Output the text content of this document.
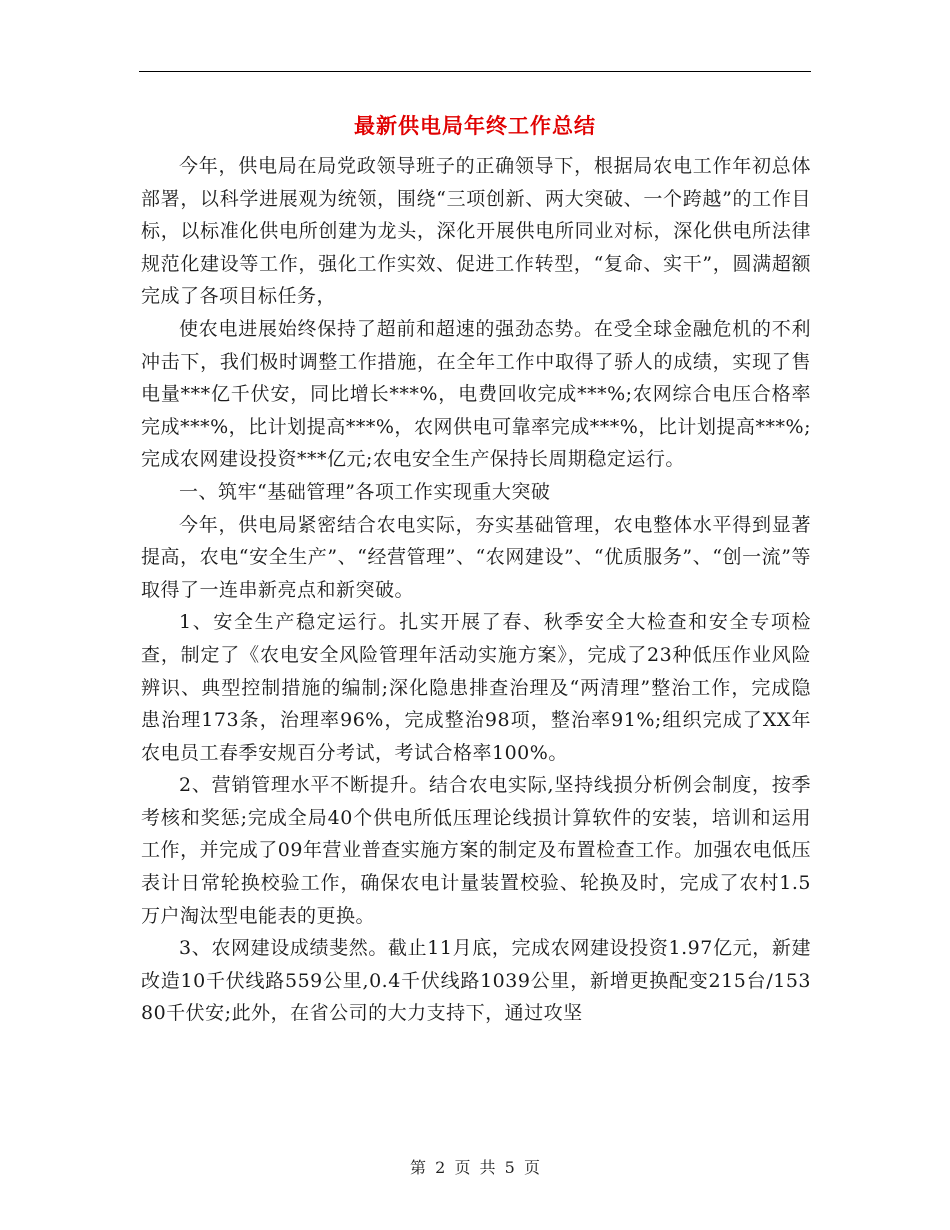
最新供电局年终工作总结

今年，供电局在局党政领导班子的正确领导下，根据局农电工作年初总体部署，以科学进展观为统领，围绕“三项创新、两大突破、一个跨越”的工作目标，以标准化供电所创建为龙头，深化开展供电所同业对标，深化供电所法律规范化建设等工作，强化工作实效、促进工作转型，“复命、实干”，圆满超额完成了各项目标任务，

使农电进展始终保持了超前和超速的强劲态势。在受全球金融危机的不利冲击下，我们极时调整工作措施，在全年工作中取得了骄人的成绩，实现了售电量***亿千伏安，同比增长***%，电费回收完成***%;农网综合电压合格率完成***%，比计划提高***%，农网供电可靠率完成***%，比计划提高***%;完成农网建设投资***亿元;农电安全生产保持长周期稳定运行。

一、筑牢“基础管理”各项工作实现重大突破

今年，供电局紧密结合农电实际，夯实基础管理，农电整体水平得到显著提高，农电“安全生产”、“经营管理”、“农网建设”、“优质服务”、“创一流”等取得了一连串新亮点和新突破。

1、安全生产稳定运行。扎实开展了春、秋季安全大检查和安全专项检查，制定了《农电安全风险管理年活动实施方案》，完成了23种低压作业风险辨识、典型控制措施的编制;深化隐患排查治理及“两清理”整治工作，完成隐患治理173条，治理率96%，完成整治98项，整治率91%;组织完成了XX年农电员工春季安规百分考试，考试合格率100%。

2、营销管理水平不断提升。结合农电实际,坚持线损分析例会制度，按季考核和奖惩;完成全局40个供电所低压理论线损计算软件的安装，培训和运用工作，并完成了09年营业普查实施方案的制定及布置检查工作。加强农电低压表计日常轮换校验工作，确保农电计量装置校验、轮换及时，完成了农村1.5万户淘汰型电能表的更换。

3、农网建设成绩斐然。截止11月底，完成农网建设投资1.97亿元，新建改造10千伏线路559公里,0.4千伏线路1039公里，新增更换配变215台/15380千伏安;此外，在省公司的大力支持下，通过攻坚

第 2 页 共 5 页
